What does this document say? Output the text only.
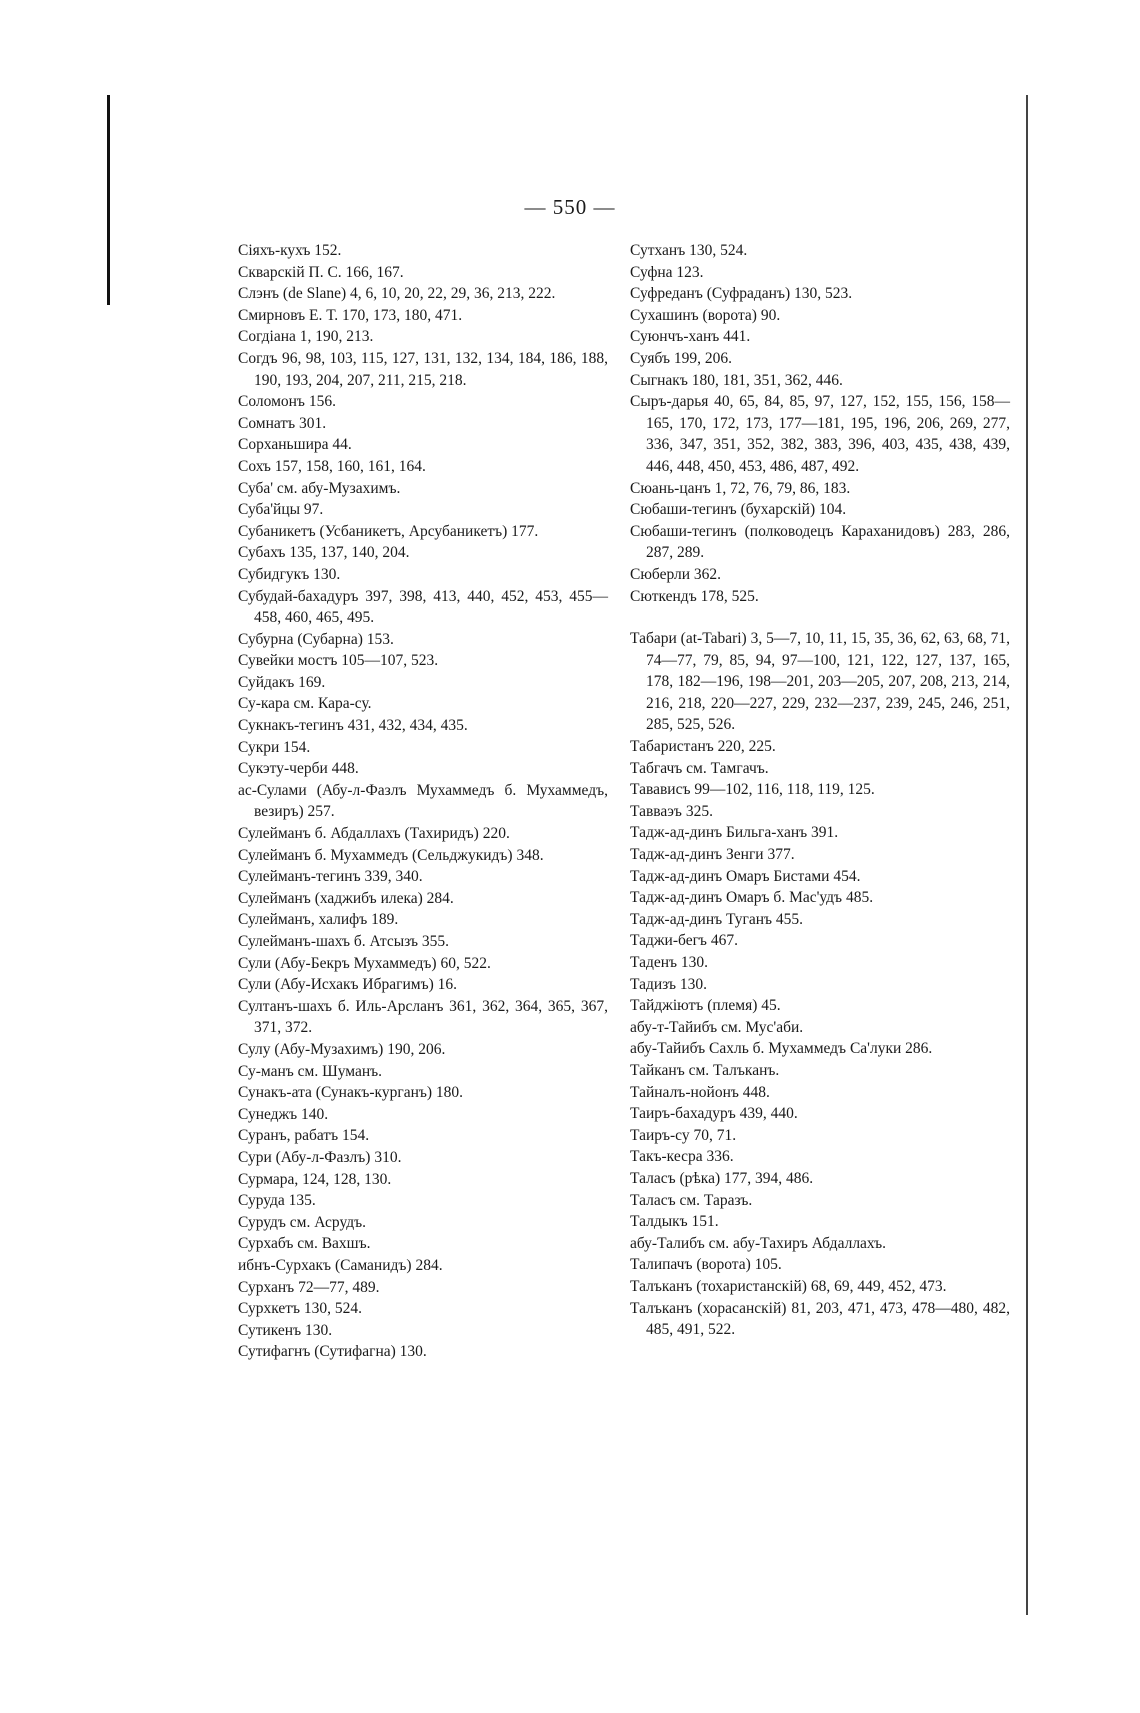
— 550 —

Сіяхъ-кухъ 152.

Скварскій П. С. 166, 167.

Слэнъ (de Slane) 4, 6, 10, 20, 22, 29, 36, 213, 222.

Смирновъ Е. Т. 170, 173, 180, 471.

Согдіана 1, 190, 213.

Согдъ 96, 98, 103, 115, 127, 131, 132, 134, 184, 186, 188, 190, 193, 204, 207, 211, 215, 218.

Соломонъ 156.

Сомнатъ 301.

Сорханьшира 44.

Сохъ 157, 158, 160, 161, 164.

Суба' см. абу-Музахимъ.

Суба'йцы 97.

Субаникетъ (Усбаникетъ, Арсубаникетъ) 177.

Субахъ 135, 137, 140, 204.

Субидгукъ 130.

Субудай-бахадуръ 397, 398, 413, 440, 452, 453, 455—458, 460, 465, 495.

Субурна (Субарна) 153.

Сувейки мостъ 105—107, 523.

Суйдакъ 169.

Су-кара см. Кара-су.

Сукнакъ-тегинъ 431, 432, 434, 435.

Сукри 154.

Сукэту-черби 448.

ас-Сулами (Абу-л-Фазлъ Мухаммедъ б. Мухаммедъ, везиръ) 257.

Сулейманъ б. Абдаллахъ (Тахиридъ) 220.

Сулейманъ б. Мухаммедъ (Сельджукидъ) 348.

Сулейманъ-тегинъ 339, 340.

Сулейманъ (хаджибъ илека) 284.

Сулейманъ, халифъ 189.

Сулейманъ-шахъ б. Атсызъ 355.

Сули (Абу-Бекръ Мухаммедъ) 60, 522.

Сули (Абу-Исхакъ Ибрагимъ) 16.

Султанъ-шахъ б. Иль-Арсланъ 361, 362, 364, 365, 367, 371, 372.

Сулу (Абу-Музахимъ) 190, 206.

Су-манъ см. Шуманъ.

Сунакъ-ата (Сунакъ-курганъ) 180.

Сунеджъ 140.

Суранъ, рабатъ 154.

Сури (Абу-л-Фазлъ) 310.

Сурмара, 124, 128, 130.

Суруда 135.

Сурудъ см. Асрудъ.

Сурхабъ см. Вахшъ.

ибнъ-Сурхакъ (Саманидъ) 284.

Сурханъ 72—77, 489.

Сурхкетъ 130, 524.

Сутикенъ 130.

Сутифагнъ (Сутифагна) 130.

Сутханъ 130, 524.

Суфна 123.

Суфреданъ (Суфраданъ) 130, 523.

Сухашинъ (ворота) 90.

Суюнчъ-ханъ 441.

Суябъ 199, 206.

Сыгнакъ 180, 181, 351, 362, 446.

Сыръ-дарья 40, 65, 84, 85, 97, 127, 152, 155, 156, 158—165, 170, 172, 173, 177—181, 195, 196, 206, 269, 277, 336, 347, 351, 352, 382, 383, 396, 403, 435, 438, 439, 446, 448, 450, 453, 486, 487, 492.

Сюань-цанъ 1, 72, 76, 79, 86, 183.

Сюбаши-тегинъ (бухарскій) 104.

Сюбаши-тегинъ (полководецъ Караханидовъ) 283, 286, 287, 289.

Сюберли 362.

Сюткендъ 178, 525.

Табари (at-Tabari) 3, 5—7, 10, 11, 15, 35, 36, 62, 63, 68, 71, 74—77, 79, 85, 94, 97—100, 121, 122, 127, 137, 165, 178, 182—196, 198—201, 203—205, 207, 208, 213, 214, 216, 218, 220—227, 229, 232—237, 239, 245, 246, 251, 285, 525, 526.

Табаристанъ 220, 225.

Табгачъ см. Тамгачъ.

Тавависъ 99—102, 116, 118, 119, 125.

Тавваэъ 325.

Тадж-ад-динъ Бильга-ханъ 391.

Тадж-ад-динъ Зенги 377.

Тадж-ад-динъ Омаръ Бистами 454.

Тадж-ад-динъ Омаръ б. Мас'удъ 485.

Тадж-ад-динъ Туганъ 455.

Таджи-бегъ 467.

Таденъ 130.

Тадизъ 130.

Тайджіютъ (племя) 45.

абу-т-Тайибъ см. Мус'аби.

абу-Тайибъ Сахль б. Мухаммедъ Са'луки 286.

Тайканъ см. Талъканъ.

Тайналъ-нойонъ 448.

Таиръ-бахадуръ 439, 440.

Таиръ-су 70, 71.

Такъ-кесра 336.

Таласъ (рѣка) 177, 394, 486.

Таласъ см. Таразъ.

Талдыкъ 151.

абу-Талибъ см. абу-Тахиръ Абдаллахъ.

Талипачъ (ворота) 105.

Талъканъ (тохаристанскій) 68, 69, 449, 452, 473.

Талъканъ (хорасанскій) 81, 203, 471, 473, 478—480, 482, 485, 491, 522.
